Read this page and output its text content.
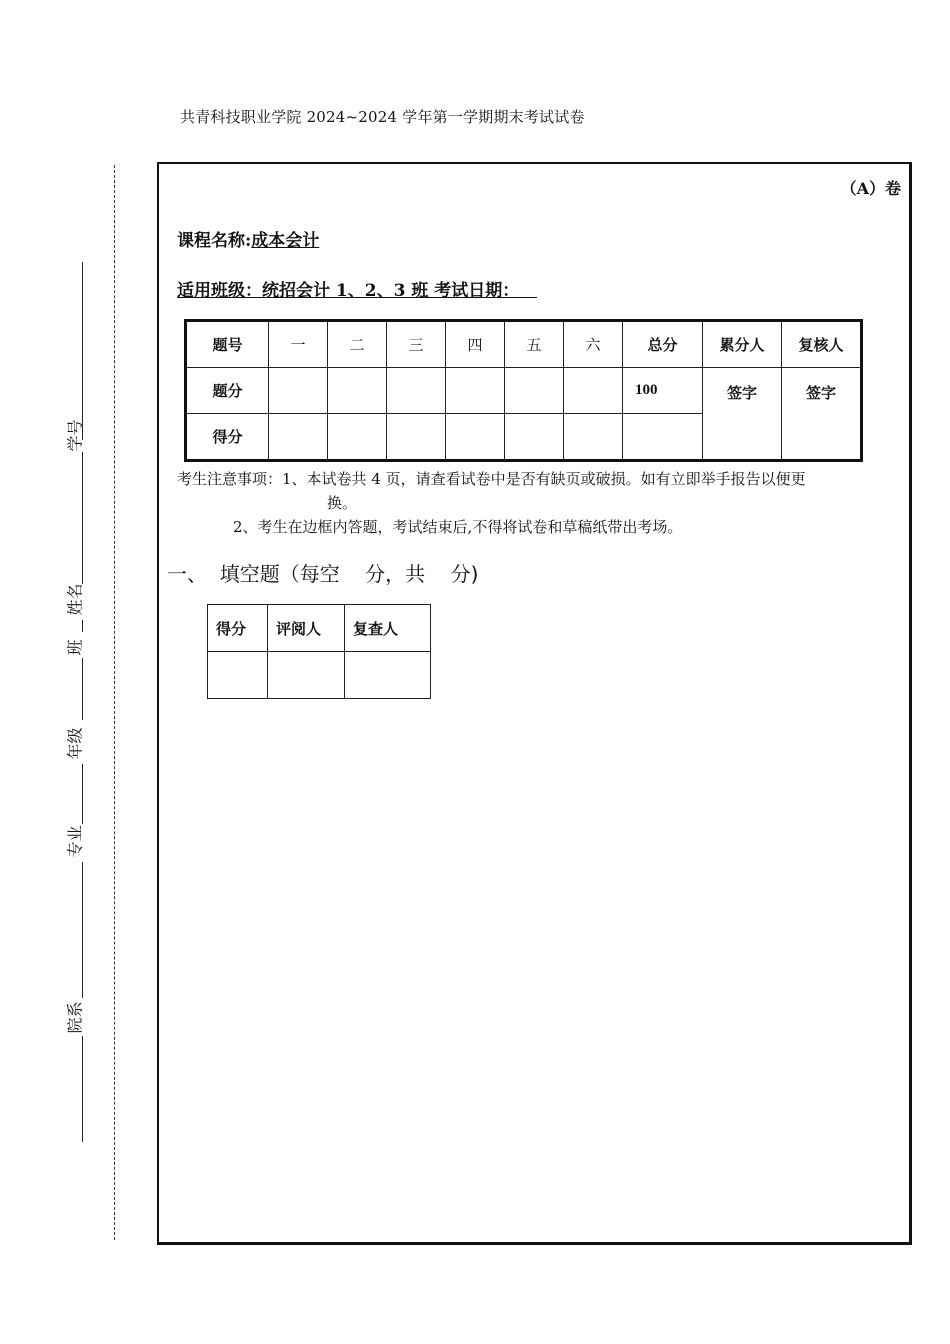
共青科技职业学院 2024~2024 学年第一学期期末考试试卷
学号
姓名
班
年级
专业
院系
（A）卷
课程名称:成本会计
适用班级：统招会计 1、2、3 班 考试日期：
题号	一	二	三	四	五	六	总分	累分人	复核人
题分							100	签字	签字
得分									
考生注意事项：1、本试卷共 4 页，请查看试卷中是否有缺页或破损。如有立即举手报告以便更
换。
2、考生在边框内答题，考试结束后,不得将试卷和草稿纸带出考场。
一、  填空题（每空    分，共    分)
得分	评阅人	复查人
